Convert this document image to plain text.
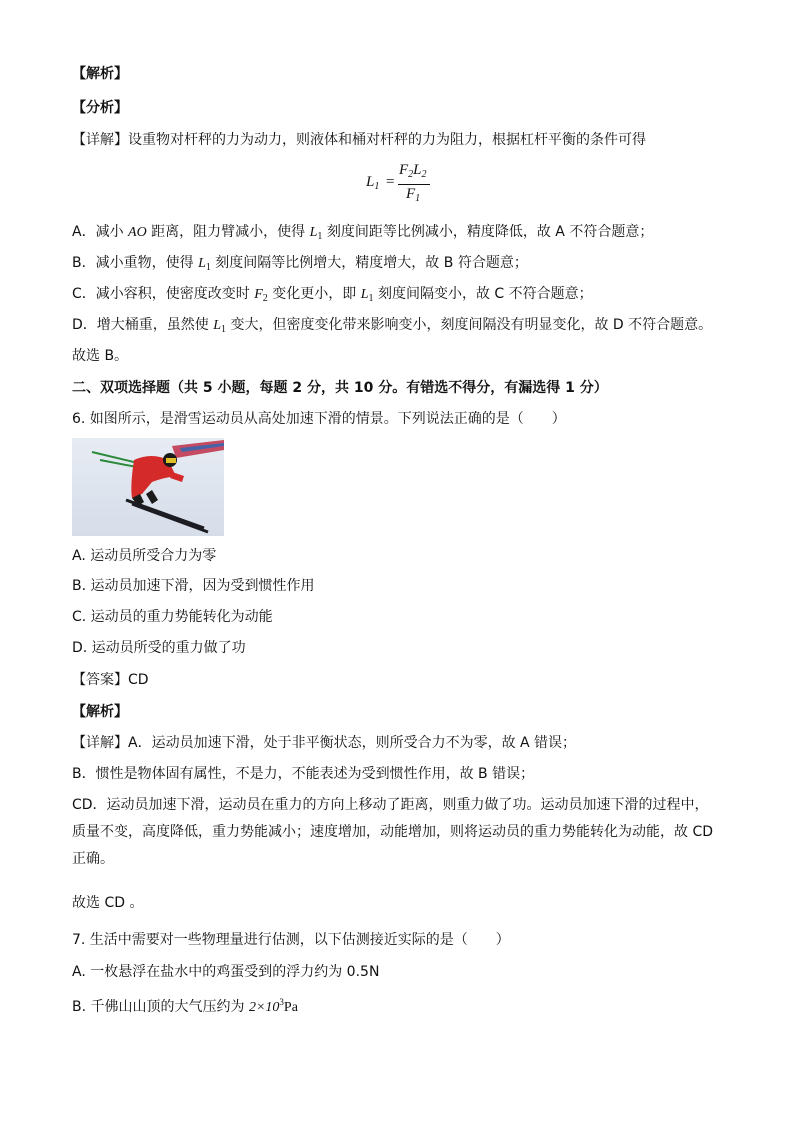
【解析】
【分析】
【详解】设重物对杆秤的力为动力，则液体和桶对杆秤的力为阻力，根据杠杆平衡的条件可得
$L_1$ =
$F_2L_2$
$F_1$
A．减小 AO 距离，阻力臂减小，使得 $L_1$ 刻度间距等比例减小，精度降低，故 A 不符合题意；
B．减小重物，使得 $L_1$ 刻度间隔等比例增大，精度增大，故 B 符合题意；
C．减小容积，使密度改变时 $F_2$ 变化更小，即 $L_1$ 刻度间隔变小，故 C 不符合题意；
D．增大桶重，虽然使 $L_1$ 变大，但密度变化带来影响变小，刻度间隔没有明显变化，故 D 不符合题意。
故选 B。
二、双项选择题（共 5 小题，每题 2 分，共 10 分。有错选不得分，有漏选得 1 分）
6. 如图所示，是滑雪运动员从高处加速下滑的情景。下列说法正确的是（　　）
A. 运动员所受合力为零
B. 运动员加速下滑，因为受到惯性作用
C. 运动员的重力势能转化为动能
D. 运动员所受的重力做了功
【答案】CD
【解析】
【详解】A．运动员加速下滑，处于非平衡状态，则所受合力不为零，故 A 错误；
B．惯性是物体固有属性，不是力，不能表述为受到惯性作用，故 B 错误；
CD．运动员加速下滑，运动员在重力的方向上移动了距离，则重力做了功。运动员加速下滑的过程中，质量不变，高度降低，重力势能减小；速度增加，动能增加，则将运动员的重力势能转化为动能，故 CD 正确。
故选 CD 。
7. 生活中需要对一些物理量进行估测，以下估测接近实际的是（　　）
A. 一枚悬浮在盐水中的鸡蛋受到的浮力约为 0.5N
B. 千佛山山顶的大气压约为 $2\times 10^3Pa$
